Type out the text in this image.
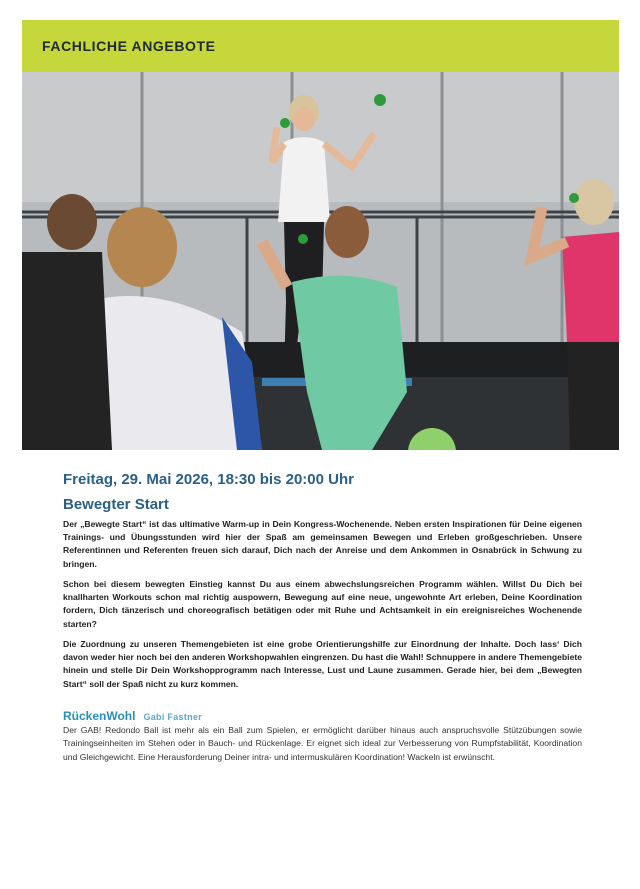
FACHLICHE ANGEBOTE
Freitag, 29. Mai 2026, 18:30 bis 20:00 Uhr
Bewegter Start
Der „Bewegte Start“ ist das ultimative Warm-up in Dein Kongress-Wochenende. Neben ersten Inspirationen für Deine eigenen Trainings- und Übungsstunden wird hier der Spaß am gemeinsamen Bewegen und Erleben großgeschrieben. Unsere Referentinnen und Referenten freuen sich darauf, Dich nach der Anreise und dem Ankommen in Osnabrück in Schwung zu bringen.
Schon bei diesem bewegten Einstieg kannst Du aus einem abwechslungsreichen Programm wählen. Willst Du Dich bei knallharten Workouts schon mal richtig auspowern, Bewegung auf eine neue, ungewohnte Art erleben, Deine Koordination fordern, Dich tänzerisch und choreografisch betätigen oder mit Ruhe und Achtsamkeit in ein ereignisreiches Wochenende starten?
Die Zuordnung zu unseren Themengebieten ist eine grobe Orientierungshilfe zur Einordnung der Inhalte. Doch lass‘ Dich davon weder hier noch bei den anderen Workshopwahlen eingrenzen. Du hast die Wahl! Schnuppere in andere Themengebiete hinein und stelle Dir Dein Workshopprogramm nach Interesse, Lust und Laune zusammen. Gerade hier, bei dem „Bewegten Start“ soll der Spaß nicht zu kurz kommen.
RückenWohl Gabi Fastner
Der GAB! Redondo Ball ist mehr als ein Ball zum Spielen, er ermöglicht darüber hinaus auch anspruchsvolle Stützübungen sowie Trainingseinheiten im Stehen oder in Bauch- und Rückenlage. Er eignet sich ideal zur Verbesserung von Rumpfstabilität, Koordination und Gleichgewicht. Eine Herausforderung Deiner intra- und intermuskulären Koordination! Wackeln ist erwünscht.
